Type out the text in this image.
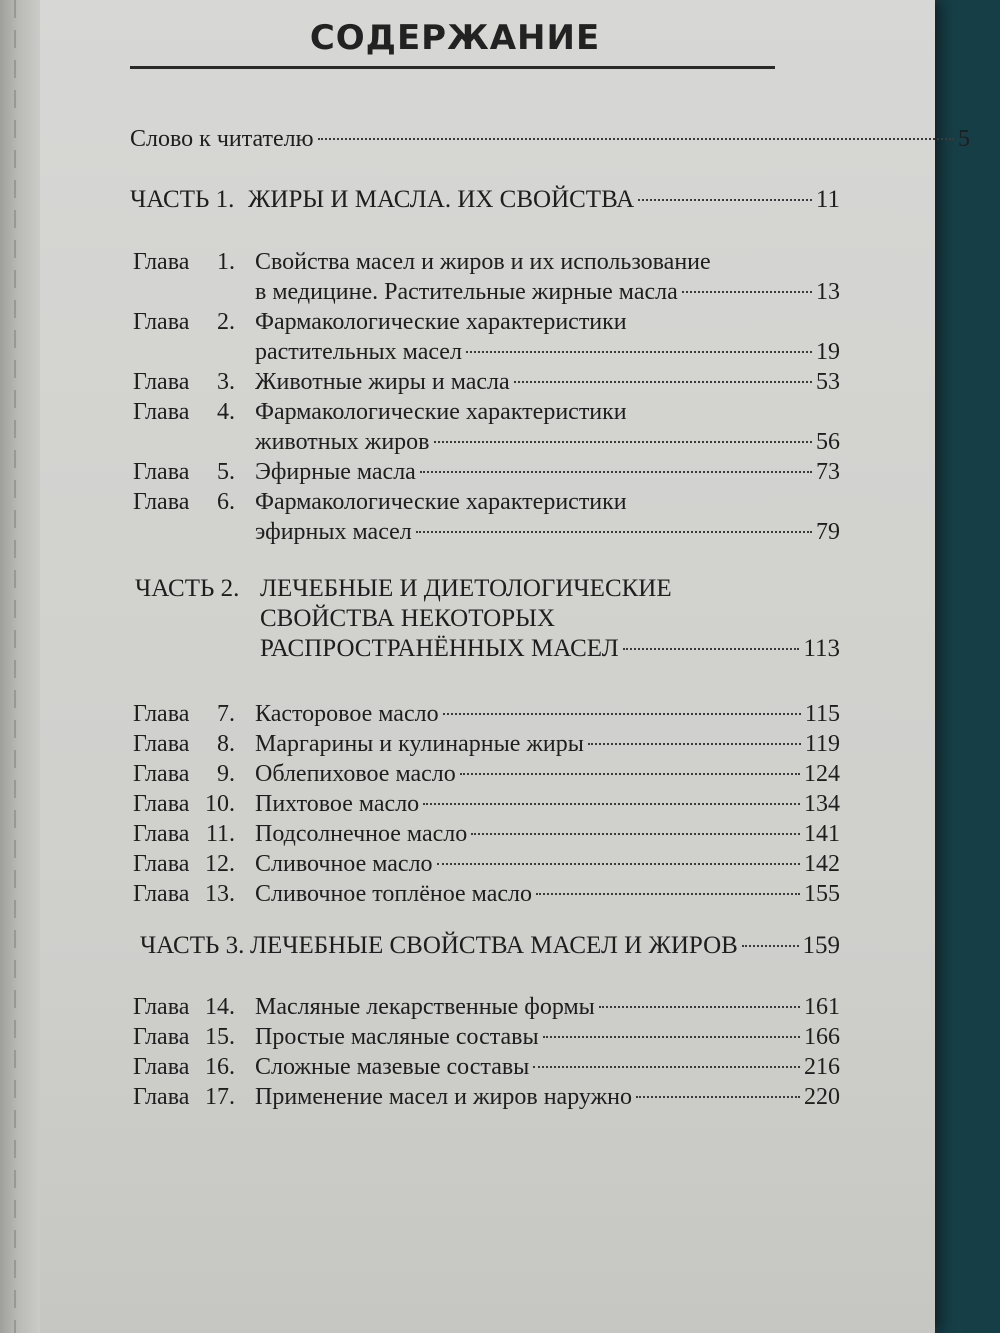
СОДЕРЖАНИЕ
Слово к читателю	5
ЧАСТЬ 1. ЖИРЫ И МАСЛА. ИХ СВОЙСТВА	11
Глава 1. Свойства масел и жиров и их использование
в медицине. Растительные жирные масла	13
Глава 2. Фармакологические характеристики
растительных масел	19
Глава 3. Животные жиры и масла	53
Глава 4. Фармакологические характеристики
животных жиров	56
Глава 5. Эфирные масла	73
Глава 6. Фармакологические характеристики
эфирных масел	79
ЧАСТЬ 2. ЛЕЧЕБНЫЕ И ДИЕТОЛОГИЧЕСКИЕ
СВОЙСТВА НЕКОТОРЫХ
РАСПРОСТРАНЁННЫХ МАСЕЛ	113
Глава 7. Касторовое масло	115
Глава 8. Маргарины и кулинарные жиры	119
Глава 9. Облепиховое масло	124
Глава 10. Пихтовое масло	134
Глава 11. Подсолнечное масло	141
Глава 12. Сливочное масло	142
Глава 13. Сливочное топлёное масло	155
ЧАСТЬ 3. ЛЕЧЕБНЫЕ СВОЙСТВА МАСЕЛ И ЖИРОВ	159
Глава 14. Масляные лекарственные формы	161
Глава 15. Простые масляные составы	166
Глава 16. Сложные мазевые составы	216
Глава 17. Применение масел и жиров наружно	220
